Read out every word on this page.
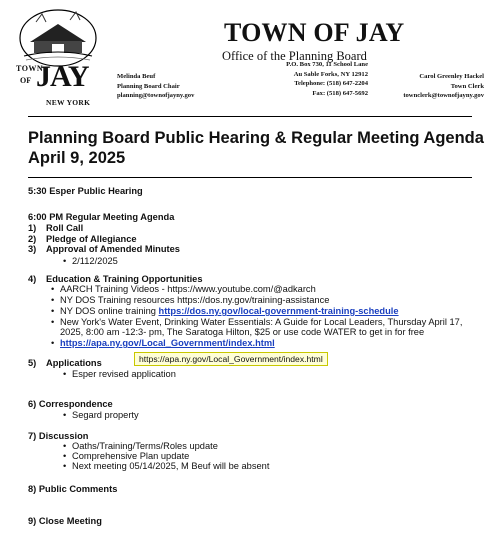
TOWN
OF JAY
NEW YORK
TOWN OF JAY
Office of the Planning Board
Melinda Beuf
Planning Board Chair
planning@townofjayny.gov
P.O. Box 730, 11 School Lane
Au Sable Forks, NY 12912
Telephone: (518) 647-2204
Fax: (518) 647-5692
Carol Greenley Hackel
Town Clerk
townclerk@townofjayny.gov
Planning Board Public Hearing & Regular Meeting Agenda
April 9, 2025
5:30 Esper Public Hearing
6:00 PM Regular Meeting Agenda
1) Roll Call
2) Pledge of Allegiance
3) Approval of Amended Minutes
• 2/112/2025
4) Education & Training Opportunities
• AARCH Training Videos - https://www.youtube.com/@adkarch
• NY DOS Training resources https://dos.ny.gov/training-assistance
• NY DOS online training https://dos.ny.gov/local-government-training-schedule
• New York's Water Event, Drinking Water Essentials: A Guide for Local Leaders, Thursday April 17,
2025, 8:00 am -12:3- pm, The Saratoga Hilton, $25 or use code WATER to get in for free
• https://apa.ny.gov/Local_Government/index.html
https://apa.ny.gov/Local_Government/index.html
5) Applications
• Esper revised application
6) Correspondence
• Segard property
7) Discussion
• Oaths/Training/Terms/Roles update
• Comprehensive Plan update
• Next meeting 05/14/2025, M Beuf will be absent
8) Public Comments
9) Close Meeting
